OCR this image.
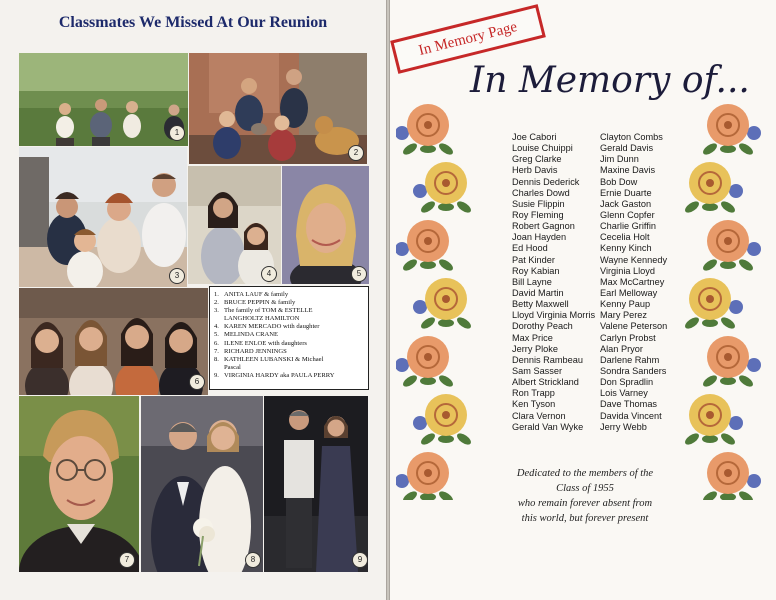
Classmates We Missed At Our Reunion
1
2
3	4	5
6
1. ANITA LAUF & family
2. BRUCE PEPPIN & family
3. The family of TOM & ESTELLE
LANGHOLTZ HAMILTON
4. KAREN MERCADO with daughter
5. MELINDA CRANE
6. ILENE ENLOE with daughters
7. RICHARD JENNINGS
8. KATHLEEN LUBANSKI & Michael
Pascal
9. VIRGINIA HARDY aka PAULA PERRY
7	8	9
In Memory Page
In Memory of...
Joe Cabori
Louise Chuippi
Greg Clarke
Herb Davis
Dennis Dederick
Charles Dowd
Susie Flippin
Roy Fleming
Robert Gagnon
Joan Hayden
Ed Hood
Pat Kinder
Roy Kabian
Bill Layne
David Martin
Betty Maxwell
Lloyd Virginia Morris
Dorothy Peach
Max Price
Jerry Ploke
Dennis Rambeau
Sam Sasser
Albert Strickland
Ron Trapp
Ken Tyson
Clara Vernon
Gerald Van Wyke
Clayton Combs
Gerald Davis
Jim Dunn
Maxine Davis
Bob Dow
Ernie Duarte
Jack Gaston
Glenn Copfer
Charlie Griffin
Cecelia Holt
Kenny Kinch
Wayne Kennedy
Virginia Lloyd
Max McCartney
Earl Melloway
Kenny Paup
Mary Perez
Valene Peterson
Carlyn Probst
Alan Pryor
Darlene Rahm
Sondra Sanders
Don Spradlin
Lois Varney
Dave Thomas
Davida Vincent
Jerry Webb
Dedicated to the members of the
Class of 1955
who remain forever absent from
this world, but forever present
